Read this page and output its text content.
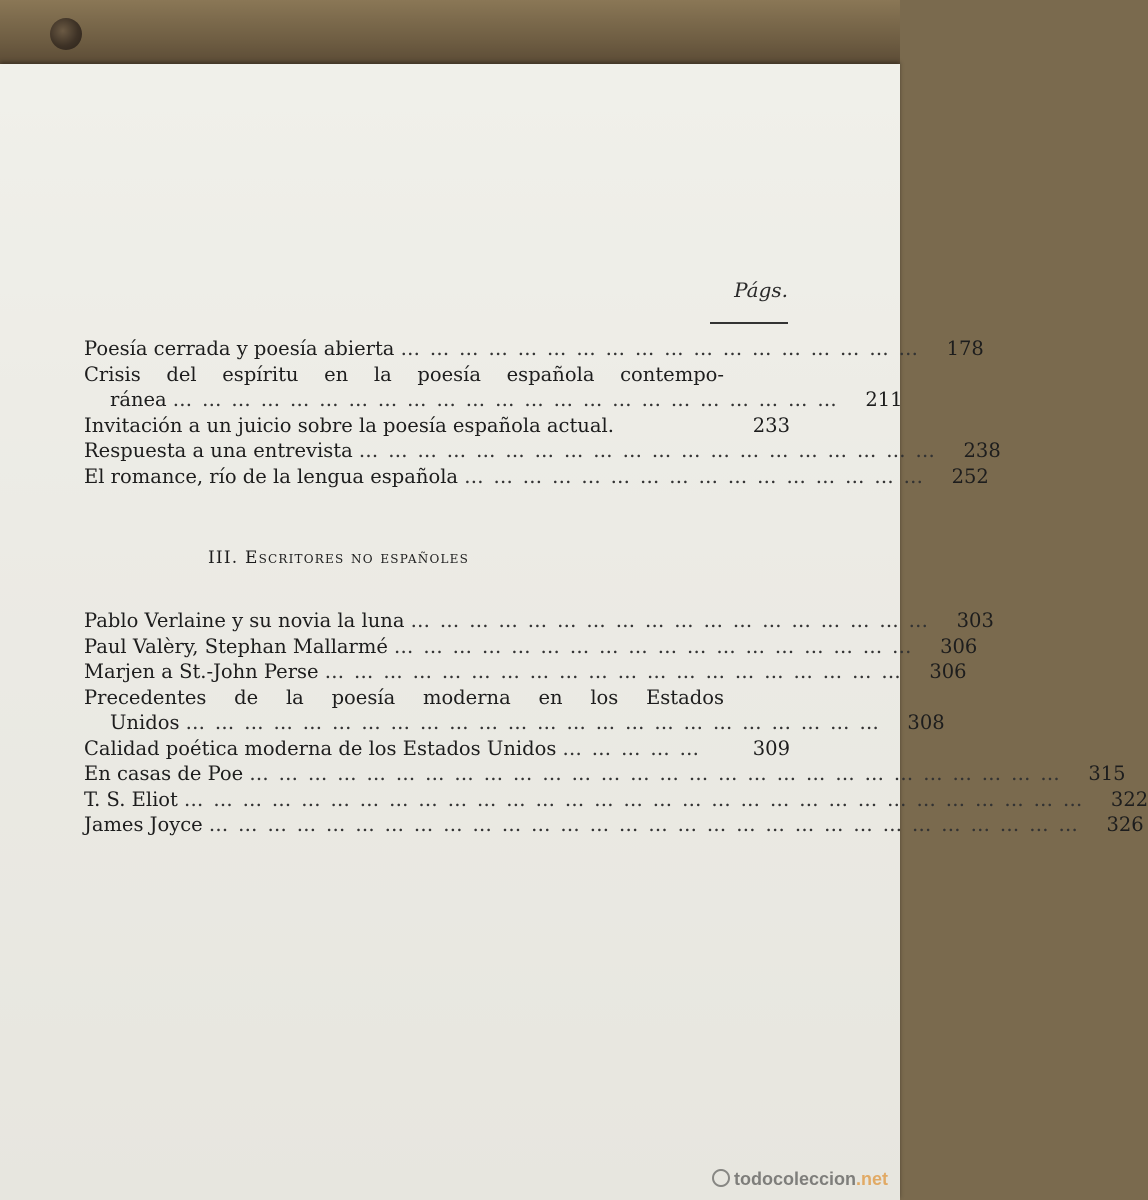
Págs.
Poesía cerrada y poesía abierta … … … … … … … … … … … … … … … … … …	178
Crisis del espíritu en la poesía española contempo-
ránea … … … … … … … … … … … … … … … … … … … … … … …	211
Invitación a un juicio sobre la poesía española actual.	233
Respuesta a una entrevista … … … … … … … … … … … … … … … … … … … …	238
El romance, río de la lengua española … … … … … … … … … … … … … … … …	252
III. Escritores no españoles
Pablo Verlaine y su novia la luna … … … … … … … … … … … … … … … … … …	303
Paul Valèry, Stephan Mallarmé … … … … … … … … … … … … … … … … … …	306
Marjen a St.-John Perse … … … … … … … … … … … … … … … … … … … …	306
Precedentes de la poesía moderna en los Estados
Unidos … … … … … … … … … … … … … … … … … … … … … … … …	308
Calidad poética moderna de los Estados Unidos … … … … …	309
En casas de Poe … … … … … … … … … … … … … … … … … … … … … … … … … … … …	315
T. S. Eliot … … … … … … … … … … … … … … … … … … … … … … … … … … … … … … …	322
James Joyce … … … … … … … … … … … … … … … … … … … … … … … … … … … … … …	326
todocoleccion.net
